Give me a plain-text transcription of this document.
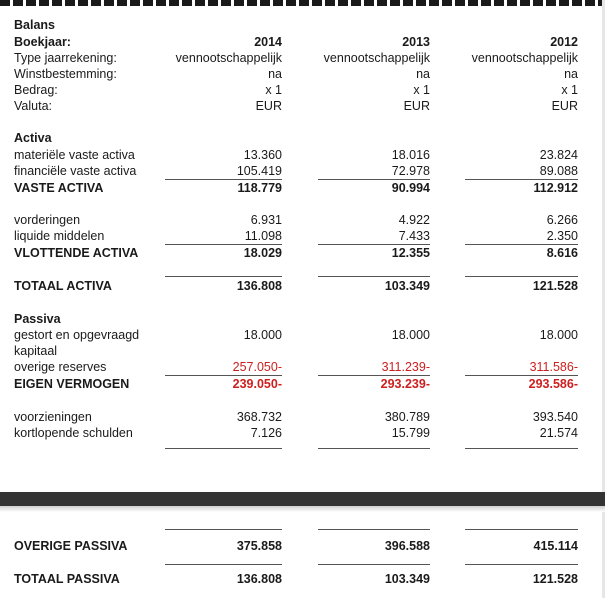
Balans
Boekjaar:	2014	2013	2012
Type jaarrekening:	vennootschappelijk	vennootschappelijk	vennootschappelijk
Winstbestemming:	na	na	na
Bedrag:	x 1	x 1	x 1
Valuta:	EUR	EUR	EUR
Activa
materiële vaste activa	13.360	18.016	23.824
financiële vaste activa	105.419	72.978	89.088
VASTE ACTIVA	118.779	90.994	112.912
vorderingen	6.931	4.922	6.266
liquide middelen	11.098	7.433	2.350
VLOTTENDE ACTIVA	18.029	12.355	8.616
TOTAAL ACTIVA	136.808	103.349	121.528
Passiva
gestort en opgevraagd	18.000	18.000	18.000
kapitaal
overige reserves	257.050-	311.239-	311.586-
EIGEN VERMOGEN	239.050-	293.239-	293.586-
voorzieningen	368.732	380.789	393.540
kortlopende schulden	7.126	15.799	21.574
OVERIGE PASSIVA	375.858	396.588	415.114
TOTAAL PASSIVA	136.808	103.349	121.528
